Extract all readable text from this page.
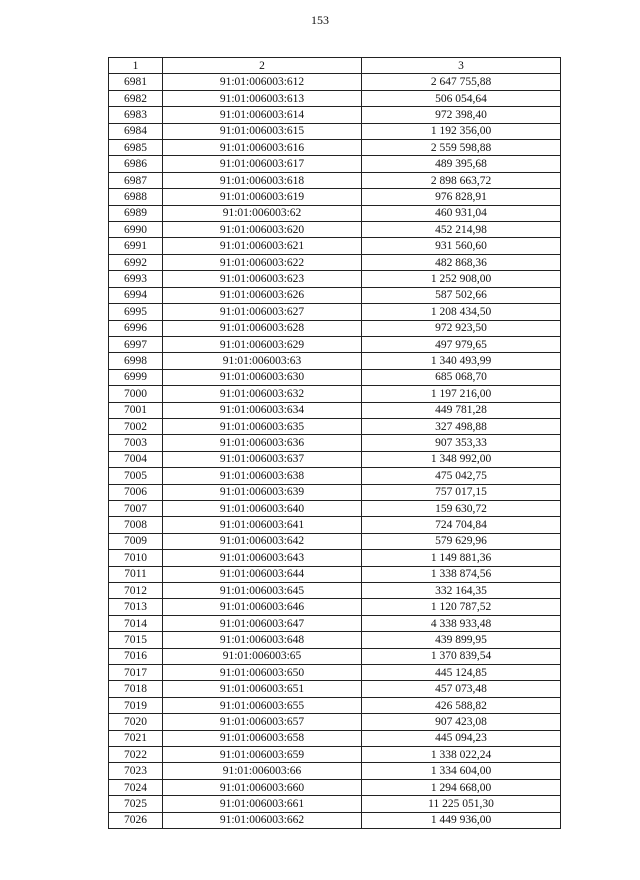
153
1	2	3
6981	91:01:006003:612	2 647 755,88
6982	91:01:006003:613	506 054,64
6983	91:01:006003:614	972 398,40
6984	91:01:006003:615	1 192 356,00
6985	91:01:006003:616	2 559 598,88
6986	91:01:006003:617	489 395,68
6987	91:01:006003:618	2 898 663,72
6988	91:01:006003:619	976 828,91
6989	91:01:006003:62	460 931,04
6990	91:01:006003:620	452 214,98
6991	91:01:006003:621	931 560,60
6992	91:01:006003:622	482 868,36
6993	91:01:006003:623	1 252 908,00
6994	91:01:006003:626	587 502,66
6995	91:01:006003:627	1 208 434,50
6996	91:01:006003:628	972 923,50
6997	91:01:006003:629	497 979,65
6998	91:01:006003:63	1 340 493,99
6999	91:01:006003:630	685 068,70
7000	91:01:006003:632	1 197 216,00
7001	91:01:006003:634	449 781,28
7002	91:01:006003:635	327 498,88
7003	91:01:006003:636	907 353,33
7004	91:01:006003:637	1 348 992,00
7005	91:01:006003:638	475 042,75
7006	91:01:006003:639	757 017,15
7007	91:01:006003:640	159 630,72
7008	91:01:006003:641	724 704,84
7009	91:01:006003:642	579 629,96
7010	91:01:006003:643	1 149 881,36
7011	91:01:006003:644	1 338 874,56
7012	91:01:006003:645	332 164,35
7013	91:01:006003:646	1 120 787,52
7014	91:01:006003:647	4 338 933,48
7015	91:01:006003:648	439 899,95
7016	91:01:006003:65	1 370 839,54
7017	91:01:006003:650	445 124,85
7018	91:01:006003:651	457 073,48
7019	91:01:006003:655	426 588,82
7020	91:01:006003:657	907 423,08
7021	91:01:006003:658	445 094,23
7022	91:01:006003:659	1 338 022,24
7023	91:01:006003:66	1 334 604,00
7024	91:01:006003:660	1 294 668,00
7025	91:01:006003:661	11 225 051,30
7026	91:01:006003:662	1 449 936,00
